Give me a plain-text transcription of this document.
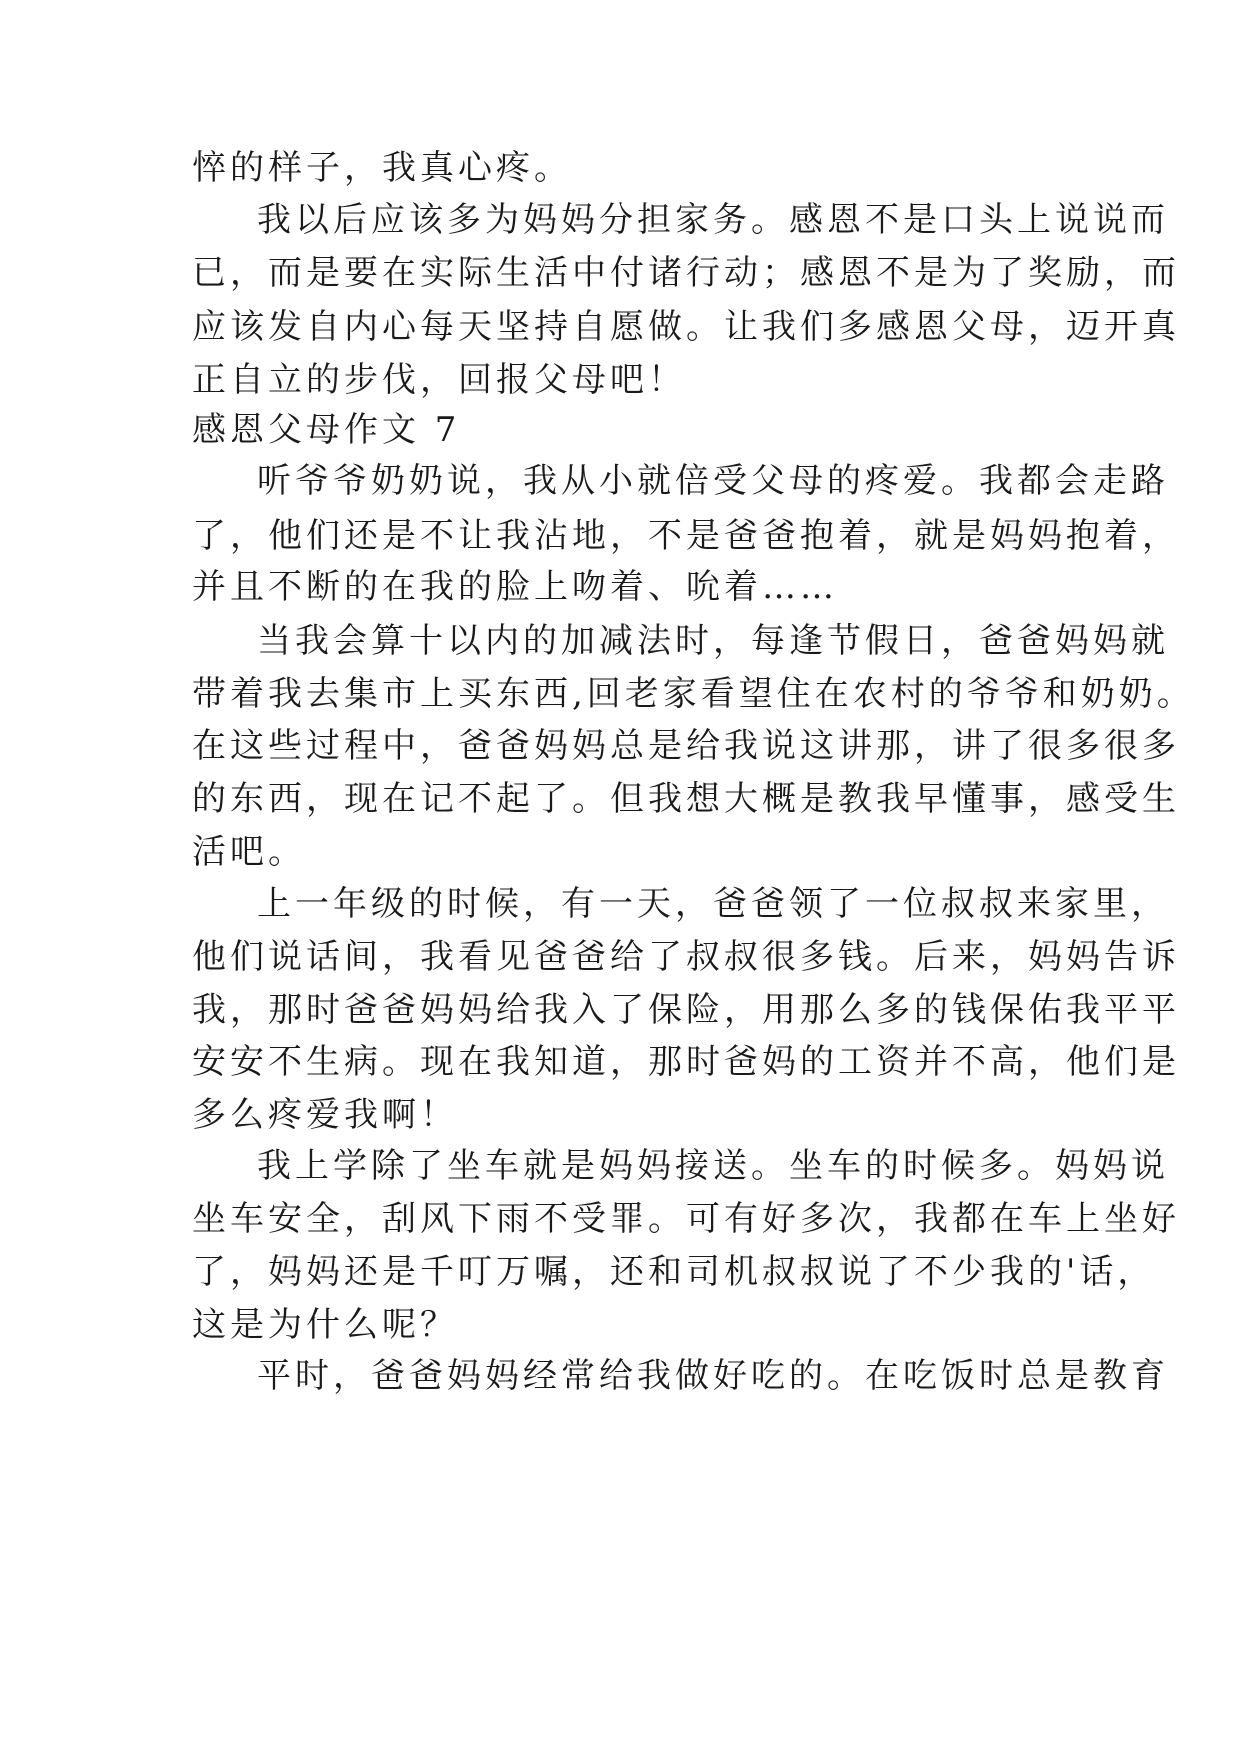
悴的样子，我真心疼。
我以后应该多为妈妈分担家务。感恩不是口头上说说而
已，而是要在实际生活中付诸行动；感恩不是为了奖励，而
应该发自内心每天坚持自愿做。让我们多感恩父母，迈开真
正自立的步伐，回报父母吧！
感恩父母作文 7
听爷爷奶奶说，我从小就倍受父母的疼爱。我都会走路
了，他们还是不让我沾地，不是爸爸抱着，就是妈妈抱着，
并且不断的在我的脸上吻着、吮着……
当我会算十以内的加减法时，每逢节假日，爸爸妈妈就
带着我去集市上买东西,回老家看望住在农村的爷爷和奶奶。
在这些过程中，爸爸妈妈总是给我说这讲那，讲了很多很多
的东西，现在记不起了。但我想大概是教我早懂事，感受生
活吧。
上一年级的时候，有一天，爸爸领了一位叔叔来家里，
他们说话间，我看见爸爸给了叔叔很多钱。后来，妈妈告诉
我，那时爸爸妈妈给我入了保险，用那么多的钱保佑我平平
安安不生病。现在我知道，那时爸妈的工资并不高，他们是
多么疼爱我啊！
我上学除了坐车就是妈妈接送。坐车的时候多。妈妈说
坐车安全，刮风下雨不受罪。可有好多次，我都在车上坐好
了，妈妈还是千叮万嘱，还和司机叔叔说了不少我的'话，
这是为什么呢？
平时，爸爸妈妈经常给我做好吃的。在吃饭时总是教育
